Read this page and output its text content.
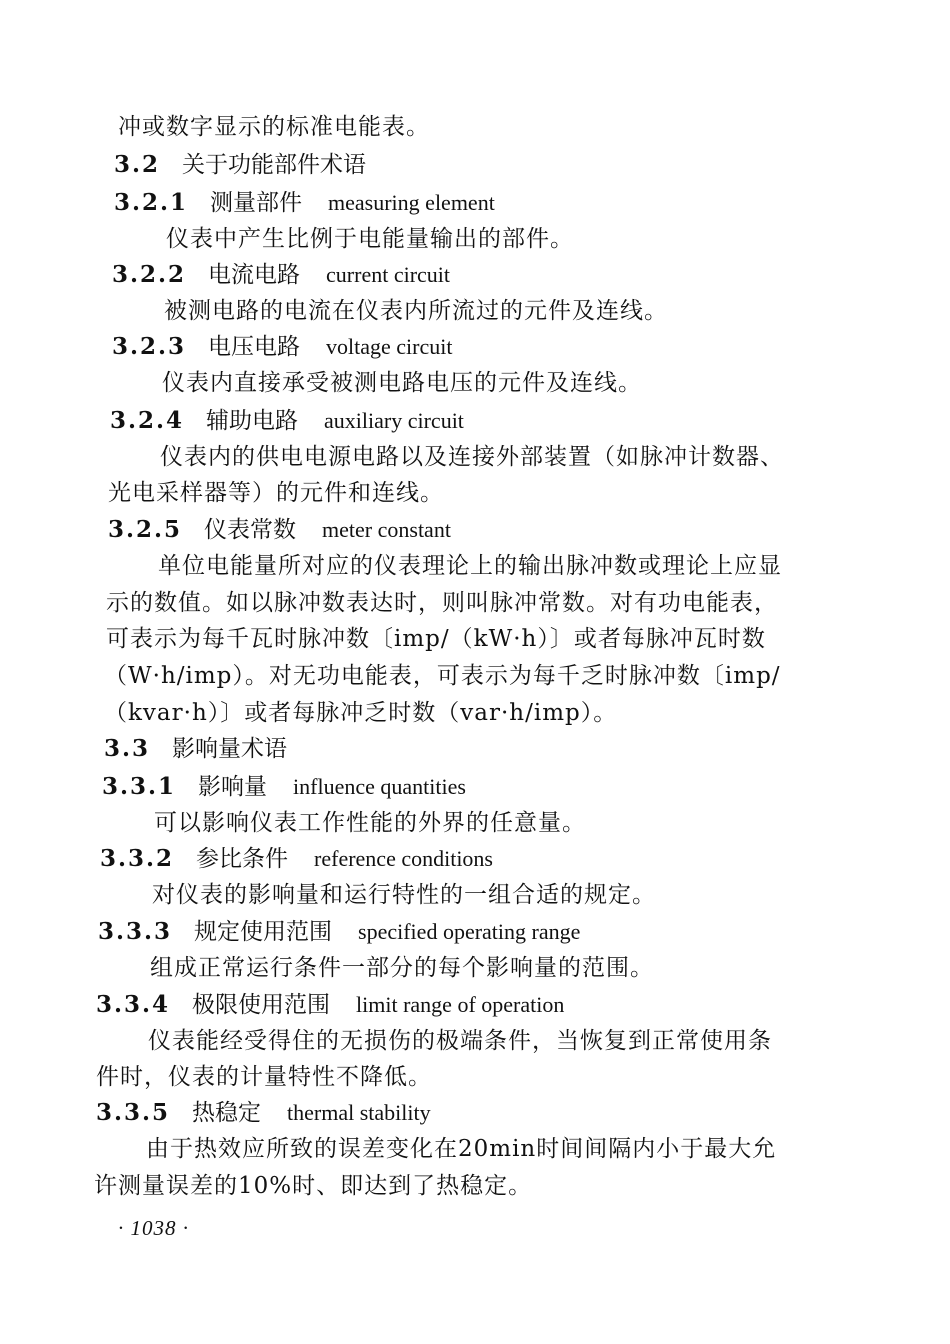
冲或数字显示的标准电能表。
3.2 关于功能部件术语
3.2.1 测量部件 measuring element
仪表中产生比例于电能量输出的部件。
3.2.2 电流电路 current circuit
被测电路的电流在仪表内所流过的元件及连线。
3.2.3 电压电路 voltage circuit
仪表内直接承受被测电路电压的元件及连线。
3.2.4 辅助电路 auxiliary circuit
仪表内的供电电源电路以及连接外部装置（如脉冲计数器、
光电采样器等）的元件和连线。
3.2.5 仪表常数 meter constant
单位电能量所对应的仪表理论上的输出脉冲数或理论上应显
示的数值。如以脉冲数表达时，则叫脉冲常数。对有功电能表，
可表示为每千瓦时脉冲数〔imp/（kW·h）〕或者每脉冲瓦时数
（W·h/imp）。对无功电能表，可表示为每千乏时脉冲数〔imp/
（kvar·h）〕或者每脉冲乏时数（var·h/imp）。
3.3 影响量术语
3.3.1 影响量 influence quantities
可以影响仪表工作性能的外界的任意量。
3.3.2 参比条件 reference conditions
对仪表的影响量和运行特性的一组合适的规定。
3.3.3 规定使用范围 specified operating range
组成正常运行条件一部分的每个影响量的范围。
3.3.4 极限使用范围 limit range of operation
仪表能经受得住的无损伤的极端条件，当恢复到正常使用条
件时，仪表的计量特性不降低。
3.3.5 热稳定 thermal stability
由于热效应所致的误差变化在20min时间间隔内小于最大允
许测量误差的10%时、即达到了热稳定。
· 1038 ·
